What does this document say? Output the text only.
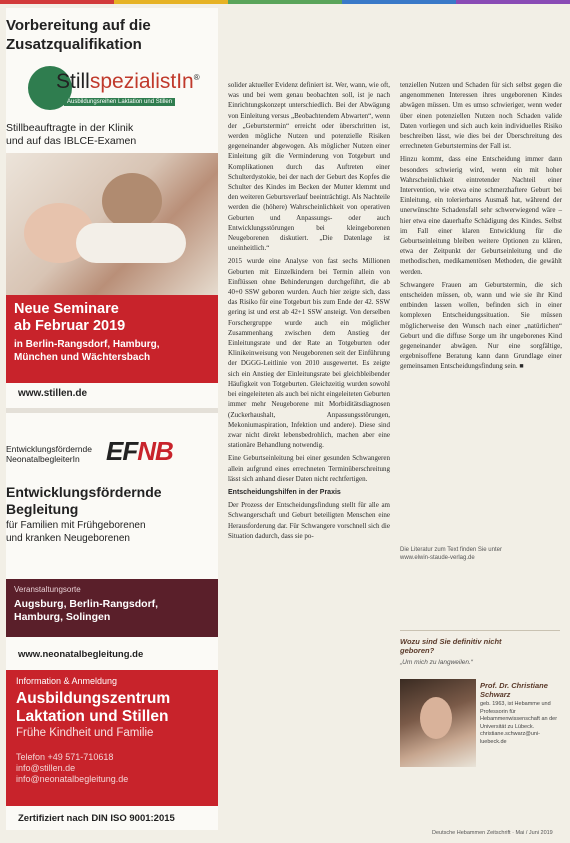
Vorbereitung auf die
Zusatzqualifikation
StillspezialistIn®
Ausbildungsreihen Laktation und Stillen
Stillbeauftragte in der Klinik
und auf das IBLCE-Examen
Neue Seminare
ab Februar 2019
in Berlin-Rangsdorf, Hamburg,
München und Wächtersbach
www.stillen.de
Entwicklungsfördernde
NeonatalbegleiterIn	EFNB
Entwicklungsfördernde
Begleitung
für Familien mit Frühgeborenen
und kranken Neugeborenen
Veranstaltungsorte
Augsburg, Berlin-Rangsdorf,
Hamburg, Solingen
www.neonatalbegleitung.de
Information & Anmeldung
Ausbildungszentrum
Laktation und Stillen
Frühe Kindheit und Familie
Telefon +49 571-710618
info@stillen.de
info@neonatalbegleitung.de
Zertifiziert nach DIN ISO 9001:2015

solider aktueller Evidenz definiert ist. Wer, wann, wie oft, was und bei wem genau beobachten soll, ist je nach Einrichtungskonzept unterschiedlich. Bei der Abwägung von Einleitung versus „Beobachtendem Abwarten“, wenn der „Geburtstermin“ erreicht oder überschritten ist, werden mögliche Nutzen und potenzielle Risiken gegeneinander abgewogen. Als möglicher Nutzen einer Einleitung gilt die Verminderung von Totgeburt und Komplikationen durch das Auftreten einer Schulterdystokie, bei der nach der Geburt des Kopfes die Schulter des Kindes im Becken der Mutter klemmt und den weiteren Geburtsverlauf beeinträchtigt. Als Nachteile werden die (höhere) Wahrscheinlichkeit von operativen Geburten und Anpassungs- oder auch Entwicklungsstörungen bei kleingeborenen Neugeborenen diskutiert. „Die Datenlage ist uneinheitlich.“

2015 wurde eine Analyse von fast sechs Millionen Geburten mit Einzelkindern bei Termin allein von Einflüssen ohne Behinderungen durchgeführt, die ab 40+0 SSW geboren wurden. Auch hier zeigte sich, dass das Risiko für eine Totgeburt bis zum Ende der 42. SSW gering ist und erst ab 42+1 SSW ansteigt. Von derselben Forschergruppe wurde auch ein möglicher Zusammenhang zwischen dem Anstieg der Einleitungsrate und der Rate an Totgeburten oder Klinikeinweisung von Neugeborenen seit der Einführung der DGGG-Leitlinie von 2010 ausgewertet. Es zeigte sich ein Anstieg der Einleitungsrate bei gleichbleibender Häufigkeit von Totgeburten. Gleichzeitig wurden sowohl bei eingeleiteten als auch bei nicht eingeleiteten Geburten immer mehr Neugeborene mit Morbiditätsdiagnosen (Zuckerhaushalt, Anpassungsstörungen, Mekoniumaspiration, Infektion und andere). Diese sind zwar nicht direkt lebensbedrohlich, machen aber eine stationäre Behandlung notwendig.

Eine Geburtseinleitung bei einer gesunden Schwangeren allein aufgrund eines errechneten Terminüberschreitung lässt sich anhand dieser Daten nicht rechtfertigen.

Entscheidungshilfen in der Praxis

Der Prozess der Entscheidungsfindung stellt für alle am Schwangerschaft und Geburt beteiligten Menschen eine Herausforderung dar. Für Schwangere vorschnell sich die Situation dadurch, dass sie po-

tenziellen Nutzen und Schaden für sich selbst gegen die angenommenen Interessen ihres ungeborenen Kindes abwägen müssen. Um es umso schwieriger, wenn weder über einen potenziellen Nutzen noch Schaden valide Daten vorliegen und sich auch kein individuelles Risiko beschreiben lässt, wie dies bei der Überschreitung des errechneten Geburtstermins der Fall ist.

Hinzu kommt, dass eine Entscheidung immer dann besonders schwierig wird, wenn ein mit hoher Wahrscheinlichkeit eintretender Nachteil einer Intervention, wie etwa eine schmerzhaftere Geburt bei Einleitung, ein tolerierbares Ausmaß hat, während der unerwünschte Schadensfall sehr schwerwiegend wäre – hier etwa eine dauerhafte Schädigung des Kindes. Selbst im Fall einer klaren Entwicklung für die Geburtseinleitung bleiben weitere Optionen zu klären, etwa der Zeitpunkt der Geburtseinleitung und die methodischen, medikamentösen Methoden, die gewählt werden.

Schwangere Frauen am Geburtstermin, die sich entscheiden müssen, ob, wann und wie sie ihr Kind entbinden lassen wollen, befinden sich in einer komplexen Entscheidungssituation. Sie müssen möglicherweise den Wunsch nach einer „natürlichen“ Geburt und die diffuse Sorge um ihr ungeborenes Kind gegeneinander abwägen. Nur eine sorgfältige, ergebnisoffene Beratung kann dann Grundlage einer gemeinsamen Entscheidungsfindung sein. ■

Die Literatur zum Text finden Sie unter
www.elwin-staude-verlag.de
Wozu sind Sie definitiv nicht
geboren?
„Um mich zu langweilen.“
Prof. Dr. Christiane
Schwarz
geb. 1963, ist Hebamme und Professorin für Hebammenwissenschaft an der Universität zu Lübeck. christiane.schwarz@uni-luebeck.de
Deutsche Hebammen Zeitschrift · Mai / Juni 2019
